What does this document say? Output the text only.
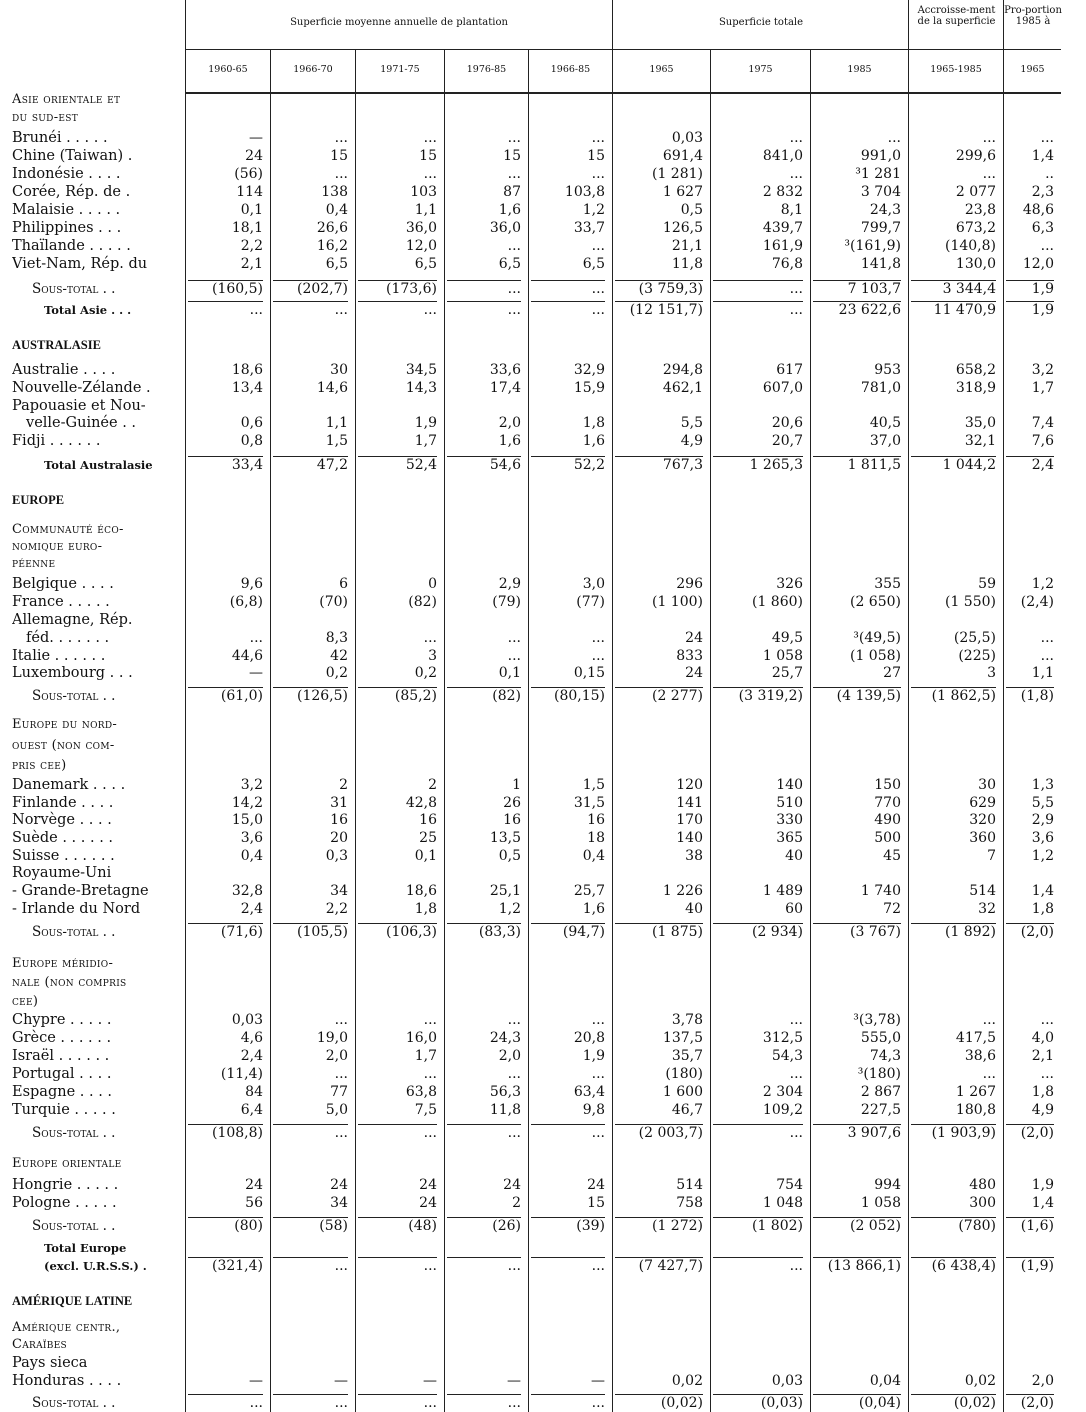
Superficie moyenne annuelle de plantation	Superficie totale
Accroisse-ment de la superficie
Pro-portion 1985 à
1960-65	1966-70	1971-75	1976-85	1966-85	1965	1975	1985	1965-1985	1965
Asie orientale et
du sud-est
Brunéi . . . . .	—	...	...	...	...	0,03	...	...	...	...
Chine (Taiwan) .	24	15	15	15	15	691,4	841,0	991,0	299,6	1,4
Indonésie . . . .	(56)	...	...	...	...	(1 281)	...	³1 281	...	..
Corée, Rép. de .	114	138	103	87	103,8	1 627	2 832	3 704	2 077	2,3
Malaisie . . . . .	0,1	0,4	1,1	1,6	1,2	0,5	8,1	24,3	23,8	48,6
Philippines . . .	18,1	26,6	36,0	36,0	33,7	126,5	439,7	799,7	673,2	6,3
Thaïlande . . . . .	2,2	16,2	12,0	...	...	21,1	161,9	³(161,9)	(140,8)	...
Viet-Nam, Rép. du	2,1	6,5	6,5	6,5	6,5	11,8	76,8	141,8	130,0	12,0
Sous-total . .	(160,5)	(202,7)	(173,6)	...	...	(3 759,3)	...	7 103,7	3 344,4	1,9
Total Asie . . .	...	...	...	...	...	(12 151,7)	...	23 622,6	11 470,9	1,9
AUSTRALASIE
Australie . . . .	18,6	30	34,5	33,6	32,9	294,8	617	953	658,2	3,2
Nouvelle-Zélande .	13,4	14,6	14,3	17,4	15,9	462,1	607,0	781,0	318,9	1,7
Papouasie et Nou-
velle-Guinée . .	0,6	1,1	1,9	2,0	1,8	5,5	20,6	40,5	35,0	7,4
Fidji . . . . . .	0,8	1,5	1,7	1,6	1,6	4,9	20,7	37,0	32,1	7,6
Total Australasie	33,4	47,2	52,4	54,6	52,2	767,3	1 265,3	1 811,5	1 044,2	2,4
EUROPE
Communauté éco-
nomique euro-
péenne
Belgique . . . .	9,6	6	0	2,9	3,0	296	326	355	59	1,2
France . . . . .	(6,8)	(70)	(82)	(79)	(77)	(1 100)	(1 860)	(2 650)	(1 550)	(2,4)
Allemagne, Rép.
féd. . . . . . .	...	8,3	...	...	...	24	49,5	³(49,5)	(25,5)	...
Italie . . . . . .	44,6	42	3	...	...	833	1 058	(1 058)	(225)	...
Luxembourg . . .	—	0,2	0,2	0,1	0,15	24	25,7	27	3	1,1
Sous-total . .	(61,0)	(126,5)	(85,2)	(82)	(80,15)	(2 277)	(3 319,2)	(4 139,5)	(1 862,5)	(1,8)
Europe du nord-
ouest (non com-
pris cee)
Danemark . . . .	3,2	2	2	1	1,5	120	140	150	30	1,3
Finlande . . . .	14,2	31	42,8	26	31,5	141	510	770	629	5,5
Norvège . . . .	15,0	16	16	16	16	170	330	490	320	2,9
Suède . . . . . .	3,6	20	25	13,5	18	140	365	500	360	3,6
Suisse . . . . . .	0,4	0,3	0,1	0,5	0,4	38	40	45	7	1,2
Royaume-Uni
- Grande-Bretagne	32,8	34	18,6	25,1	25,7	1 226	1 489	1 740	514	1,4
- Irlande du Nord	2,4	2,2	1,8	1,2	1,6	40	60	72	32	1,8
Sous-total . .	(71,6)	(105,5)	(106,3)	(83,3)	(94,7)	(1 875)	(2 934)	(3 767)	(1 892)	(2,0)
Europe méridio-
nale (non compris
cee)
Chypre . . . . .	0,03	...	...	...	...	3,78	...	³(3,78)	...	...
Grèce . . . . . .	4,6	19,0	16,0	24,3	20,8	137,5	312,5	555,0	417,5	4,0
Israël . . . . . .	2,4	2,0	1,7	2,0	1,9	35,7	54,3	74,3	38,6	2,1
Portugal . . . .	(11,4)	...	...	...	...	(180)	...	³(180)	...	...
Espagne . . . .	84	77	63,8	56,3	63,4	1 600	2 304	2 867	1 267	1,8
Turquie . . . . .	6,4	5,0	7,5	11,8	9,8	46,7	109,2	227,5	180,8	4,9
Sous-total . .	(108,8)	...	...	...	...	(2 003,7)	...	3 907,6	(1 903,9)	(2,0)
Europe orientale
Hongrie . . . . .	24	24	24	24	24	514	754	994	480	1,9
Pologne . . . . .	56	34	24	2	15	758	1 048	1 058	300	1,4
Sous-total . .	(80)	(58)	(48)	(26)	(39)	(1 272)	(1 802)	(2 052)	(780)	(1,6)
Total Europe
(excl. U.R.S.S.) .	(321,4)	...	...	...	...	(7 427,7)	...	(13 866,1)	(6 438,4)	(1,9)
AMÉRIQUE LATINE
Amérique centr.,
Caraïbes
Pays sieca
Honduras . . . .	—	—	—	—	—	0,02	0,03	0,04	0,02	2,0
Sous-total . .	...	...	...	...	...	(0,02)	(0,03)	(0,04)	(0,02)	(2,0)
